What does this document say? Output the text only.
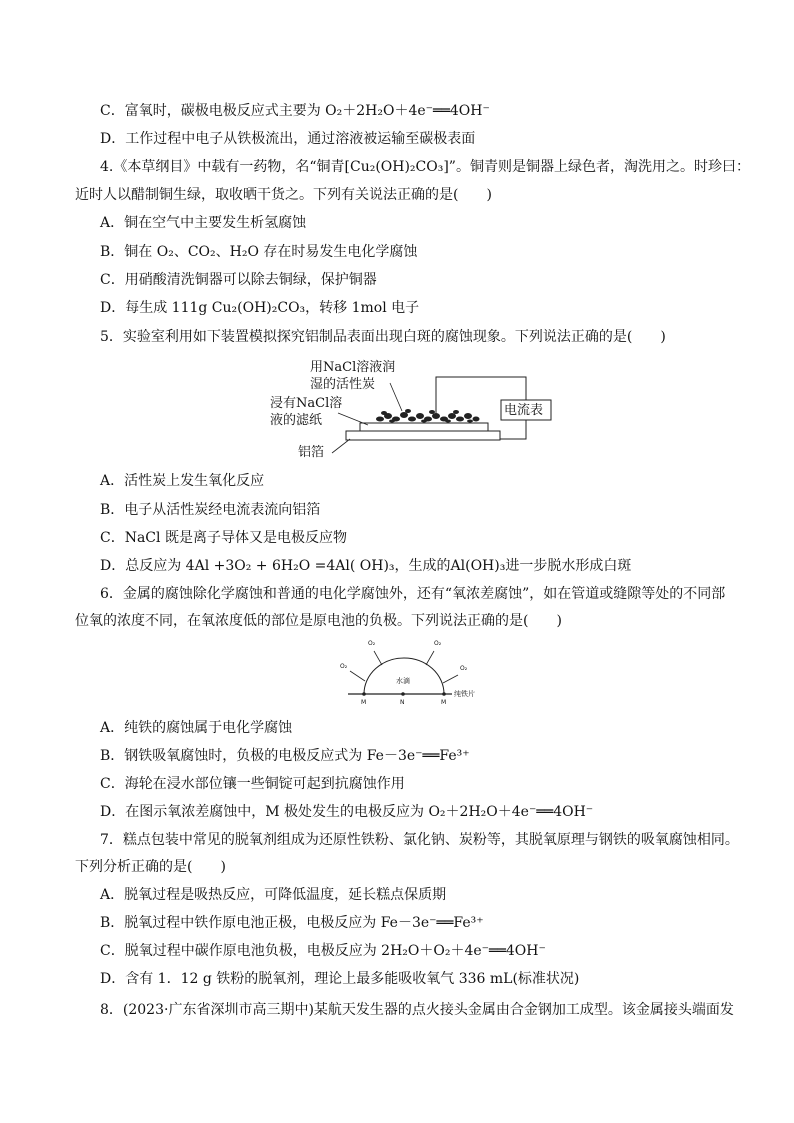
C．富氧时，碳极电极反应式主要为 O₂＋2H₂O＋4e⁻══4OH⁻
D．工作过程中电子从铁极流出，通过溶液被运输至碳极表面
4.《本草纲目》中载有一药物，名“铜青[Cu₂(OH)₂CO₃]”。铜青则是铜器上绿色者，淘洗用之。时珍曰：
近时人以醋制铜生绿，取收晒干货之。下列有关说法正确的是(　　)
A．铜在空气中主要发生析氢腐蚀
B．铜在 O₂、CO₂、H₂O 存在时易发生电化学腐蚀
C．用硝酸清洗铜器可以除去铜绿，保护铜器
D．每生成 111g Cu₂(OH)₂CO₃，转移 1mol 电子
5．实验室利用如下装置模拟探究铝制品表面出现白斑的腐蚀现象。下列说法正确的是(　　)
用NaCl溶液润
湿的活性炭
浸有NaCl溶
液的滤纸
铝箔
电流表
A．活性炭上发生氧化反应
B．电子从活性炭经电流表流向铝箔
C．NaCl 既是离子导体又是电极反应物
D．总反应为 4Al +3O₂ + 6H₂O =4Al( OH)₃，生成的Al(OH)₃进一步脱水形成白斑
6．金属的腐蚀除化学腐蚀和普通的电化学腐蚀外，还有“氧浓差腐蚀”，如在管道或缝隙等处的不同部
位氧的浓度不同，在氧浓度低的部位是原电池的负极。下列说法正确的是(　　)
O₂
O₂	O₂
O₂
水滴
纯铁片
M	N	M
A．纯铁的腐蚀属于电化学腐蚀
B．钢铁吸氧腐蚀时，负极的电极反应式为 Fe－3e⁻══Fe³⁺
C．海轮在浸水部位镶一些铜锭可起到抗腐蚀作用
D．在图示氧浓差腐蚀中，M 极处发生的电极反应为 O₂＋2H₂O＋4e⁻══4OH⁻
7．糕点包装中常见的脱氧剂组成为还原性铁粉、氯化钠、炭粉等，其脱氧原理与钢铁的吸氧腐蚀相同。
下列分析正确的是(　　)
A．脱氧过程是吸热反应，可降低温度，延长糕点保质期
B．脱氧过程中铁作原电池正极，电极反应为 Fe－3e⁻══Fe³⁺
C．脱氧过程中碳作原电池负极，电极反应为 2H₂O＋O₂＋4e⁻══4OH⁻
D．含有 1．12 g 铁粉的脱氧剂，理论上最多能吸收氧气 336 mL(标准状况)
8．(2023·广东省深圳市高三期中)某航天发生器的点火接头金属由合金钢加工成型。该金属接头端面发
